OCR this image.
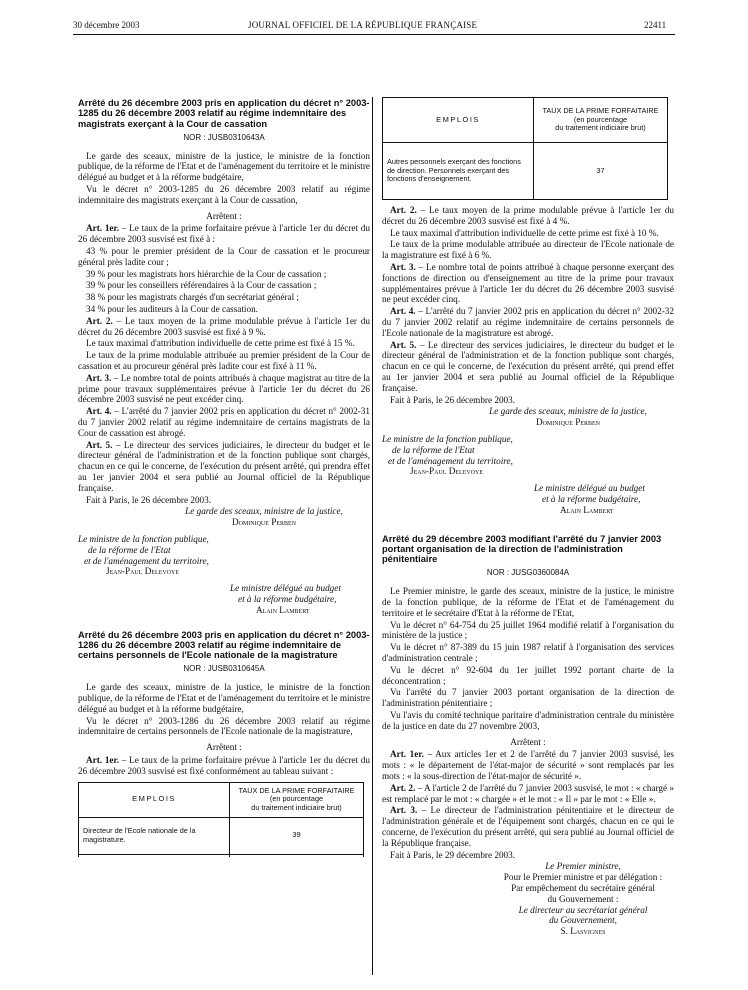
30 décembre 2003	JOURNAL OFFICIEL DE LA RÉPUBLIQUE FRANÇAISE	22411
Arrêté du 26 décembre 2003 pris en application du décret n° 2003-1285 du 26 décembre 2003 relatif au régime indemnitaire des magistrats exerçant à la Cour de cassation
NOR : JUSB0310643A

Le garde des sceaux, ministre de la justice, le ministre de la fonction publique, de la réforme de l'Etat et de l'aménagement du territoire et le ministre délégué au budget et à la réforme budgétaire,

Vu le décret n° 2003-1285 du 26 décembre 2003 relatif au régime indemnitaire des magistrats exerçant à la Cour de cassation,

Arrêtent :

Art. 1er. – Le taux de la prime forfaitaire prévue à l'article 1er du décret du 26 décembre 2003 susvisé est fixé à :

43 % pour le premier président de la Cour de cassation et le procureur général près ladite cour ;

39 % pour les magistrats hors hiérarchie de la Cour de cassation ;

39 % pour les conseillers référendaires à la Cour de cassation ;

38 % pour les magistrats chargés d'un secrétariat général ;

34 % pour les auditeurs à la Cour de cassation.

Art. 2. – Le taux moyen de la prime modulable prévue à l'article 1er du décret du 26 décembre 2003 susvisé est fixé à 9 %.

Le taux maximal d'attribution individuelle de cette prime est fixé à 15 %.

Le taux de la prime modulable attribuée au premier président de la Cour de cassation et au procureur général près ladite cour est fixé à 11 %.

Art. 3. – Le nombre total de points attribués à chaque magistrat au titre de la prime pour travaux supplémentaires prévue à l'article 1er du décret du 26 décembre 2003 susvisé ne peut excéder cinq.

Art. 4. – L'arrêté du 7 janvier 2002 pris en application du décret n° 2002-31 du 7 janvier 2002 relatif au régime indemnitaire de certains magistrats de la Cour de cassation est abrogé.

Art. 5. – Le directeur des services judiciaires, le directeur du budget et le directeur général de l'administration et de la fonction publique sont chargés, chacun en ce qui le concerne, de l'exécution du présent arrêté, qui prendra effet au 1er janvier 2004 et sera publié au Journal officiel de la République française.

Fait à Paris, le 26 décembre 2003.

Le garde des sceaux, ministre de la justice,
Dominique Perben
Le ministre de la fonction publique,
de la réforme de l'Etat
et de l'aménagement du territoire,
Jean-Paul Delevoye
Le ministre délégué au budget
et à la réforme budgétaire,
Alain Lambert
Arrêté du 26 décembre 2003 pris en application du décret n° 2003-1286 du 26 décembre 2003 relatif au régime indemnitaire de certains personnels de l'Ecole nationale de la magistrature
NOR : JUSB0310645A

Le garde des sceaux, ministre de la justice, le ministre de la fonction publique, de la réforme de l'Etat et de l'aménagement du territoire et le ministre délégué au budget et à la réforme budgétaire,

Vu le décret n° 2003-1286 du 26 décembre 2003 relatif au régime indemnitaire de certains personnels de l'Ecole nationale de la magistrature,

Arrêtent :

Art. 1er. – Le taux de la prime forfaitaire prévue à l'article 1er du décret du 26 décembre 2003 susvisé est fixé conformément au tableau suivant :

EMPLOIS	TAUX DE LA PRIME FORFAITAIRE
(en pourcentage
du traitement indiciaire brut)

Directeur de l'Ecole nationale de la magistrature.	39

EMPLOIS	TAUX DE LA PRIME FORFAITAIRE
(en pourcentage
du traitement indiciaire brut)

Autres personnels exerçant des fonctions de direction. Personnels exerçant des fonctions d'enseignement.	37

Art. 2. – Le taux moyen de la prime modulable prévue à l'article 1er du décret du 26 décembre 2003 susvisé est fixé à 4 %.

Le taux maximal d'attribution individuelle de cette prime est fixé à 10 %.

Le taux de la prime modulable attribuée au directeur de l'Ecole nationale de la magistrature est fixé à 6 %.

Art. 3. – Le nombre total de points attribué à chaque personne exerçant des fonctions de direction ou d'enseignement au titre de la prime pour travaux supplémentaires prévue à l'article 1er du décret du 26 décembre 2003 susvisé ne peut excéder cinq.

Art. 4. – L'arrêté du 7 janvier 2002 pris en application du décret n° 2002-32 du 7 janvier 2002 relatif au régime indemnitaire de certains personnels de l'Ecole nationale de la magistrature est abrogé.

Art. 5. – Le directeur des services judiciaires, le directeur du budget et le directeur général de l'administration et de la fonction publique sont chargés, chacun en ce qui le concerne, de l'exécution du présent arrêté, qui prend effet au 1er janvier 2004 et sera publié au Journal officiel de la République française.

Fait à Paris, le 26 décembre 2003.

Le garde des sceaux, ministre de la justice,
Dominique Perben
Le ministre de la fonction publique,
de la réforme de l'Etat
et de l'aménagement du territoire,
Jean-Paul Delevoye
Le ministre délégué au budget
et à la réforme budgétaire,
Alain Lambert
Arrêté du 29 décembre 2003 modifiant l'arrêté du 7 janvier 2003 portant organisation de la direction de l'administration pénitentiaire
NOR : JUSG0360084A

Le Premier ministre, le garde des sceaux, ministre de la justice, le ministre de la fonction publique, de la réforme de l'Etat et de l'aménagement du territoire et le secrétaire d'Etat à la réforme de l'Etat,

Vu le décret n° 64-754 du 25 juillet 1964 modifié relatif à l'organisation du ministère de la justice ;

Vu le décret n° 87-389 du 15 juin 1987 relatif à l'organisation des services d'administration centrale ;

Vu le décret n° 92-604 du 1er juillet 1992 portant charte de la déconcentration ;

Vu l'arrêté du 7 janvier 2003 portant organisation de la direction de l'administration pénitentiaire ;

Vu l'avis du comité technique paritaire d'administration centrale du ministère de la justice en date du 27 novembre 2003,

Arrêtent :

Art. 1er. – Aux articles 1er et 2 de l'arrêté du 7 janvier 2003 susvisé, les mots : « le département de l'état-major de sécurité » sont remplacés par les mots : « la sous-direction de l'état-major de sécurité ».

Art. 2. – A l'article 2 de l'arrêté du 7 janvier 2003 susvisé, le mot : « chargé » est remplacé par le mot : « chargée » et le mot : « Il » par le mot : « Elle ».

Art. 3. – Le directeur de l'administration pénitentiaire et le directeur de l'administration générale et de l'équipement sont chargés, chacun en ce qui le concerne, de l'exécution du présent arrêté, qui sera publié au Journal officiel de la République française.

Fait à Paris, le 29 décembre 2003.

Le Premier ministre,
Pour le Premier ministre et par délégation :
Par empêchement du secrétaire général
du Gouvernement :
Le directeur au secrétariat général
du Gouvernement,
S. Lasvignes
